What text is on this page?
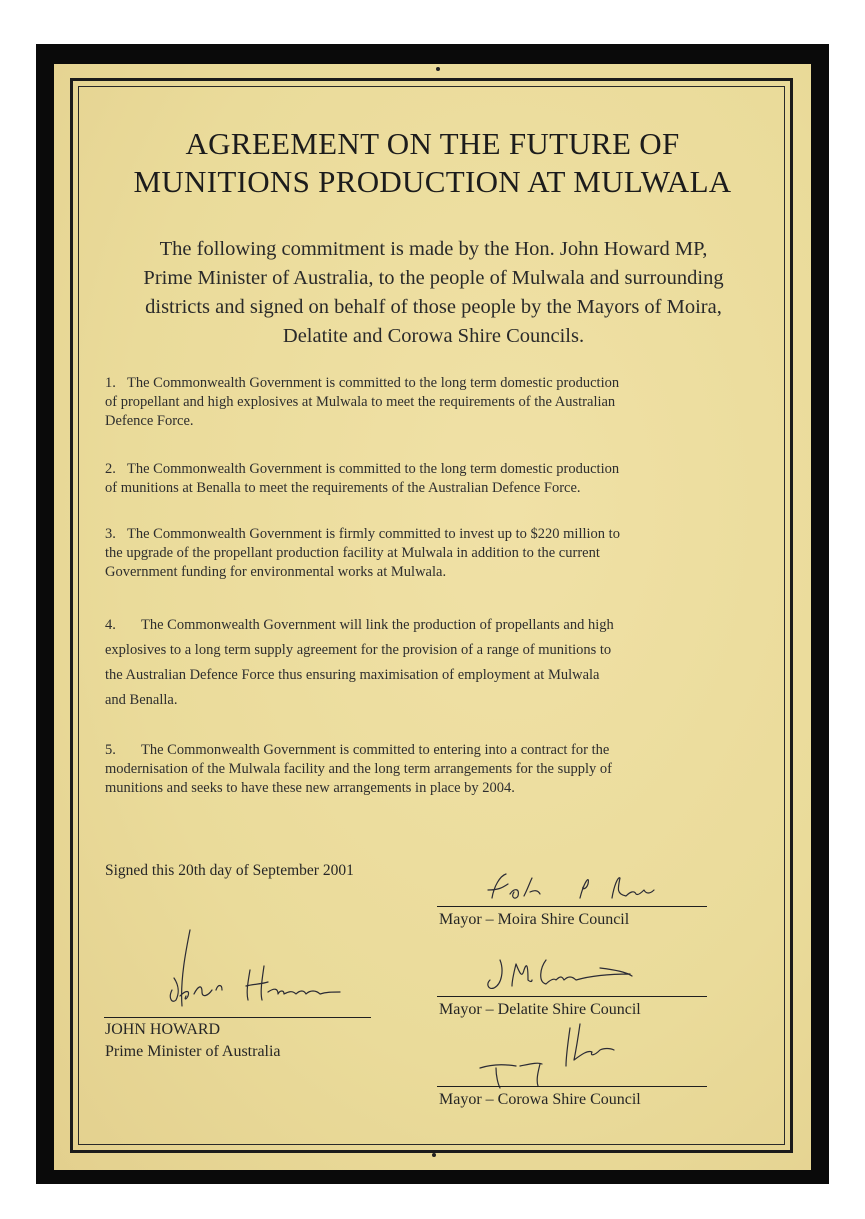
AGREEMENT ON THE FUTURE OF
MUNITIONS PRODUCTION AT MULWALA
The following commitment is made by the Hon. John Howard MP,
Prime Minister of Australia, to the people of Mulwala and surrounding
districts and signed on behalf of those people by the Mayors of Moira,
Delatite and Corowa Shire Councils.
1. The Commonwealth Government is committed to the long term domestic production
of propellant and high explosives at Mulwala to meet the requirements of the Australian
Defence Force.
2. The Commonwealth Government is committed to the long term domestic production
of munitions at Benalla to meet the requirements of the Australian Defence Force.
3. The Commonwealth Government is firmly committed to invest up to $220 million to
the upgrade of the propellant production facility at Mulwala in addition to the current
Government funding for environmental works at Mulwala.
4. The Commonwealth Government will link the production of propellants and high
explosives to a long term supply agreement for the provision of a range of munitions to
the Australian Defence Force thus ensuring maximisation of employment at Mulwala
and Benalla.
5. The Commonwealth Government is committed to entering into a contract for the
modernisation of the Mulwala facility and the long term arrangements for the supply of
munitions and seeks to have these new arrangements in place by 2004.
Signed this 20th day of September 2001
Mayor – Moira Shire Council
Mayor – Delatite Shire Council
Mayor – Corowa Shire Council
JOHN HOWARD
Prime Minister of Australia
